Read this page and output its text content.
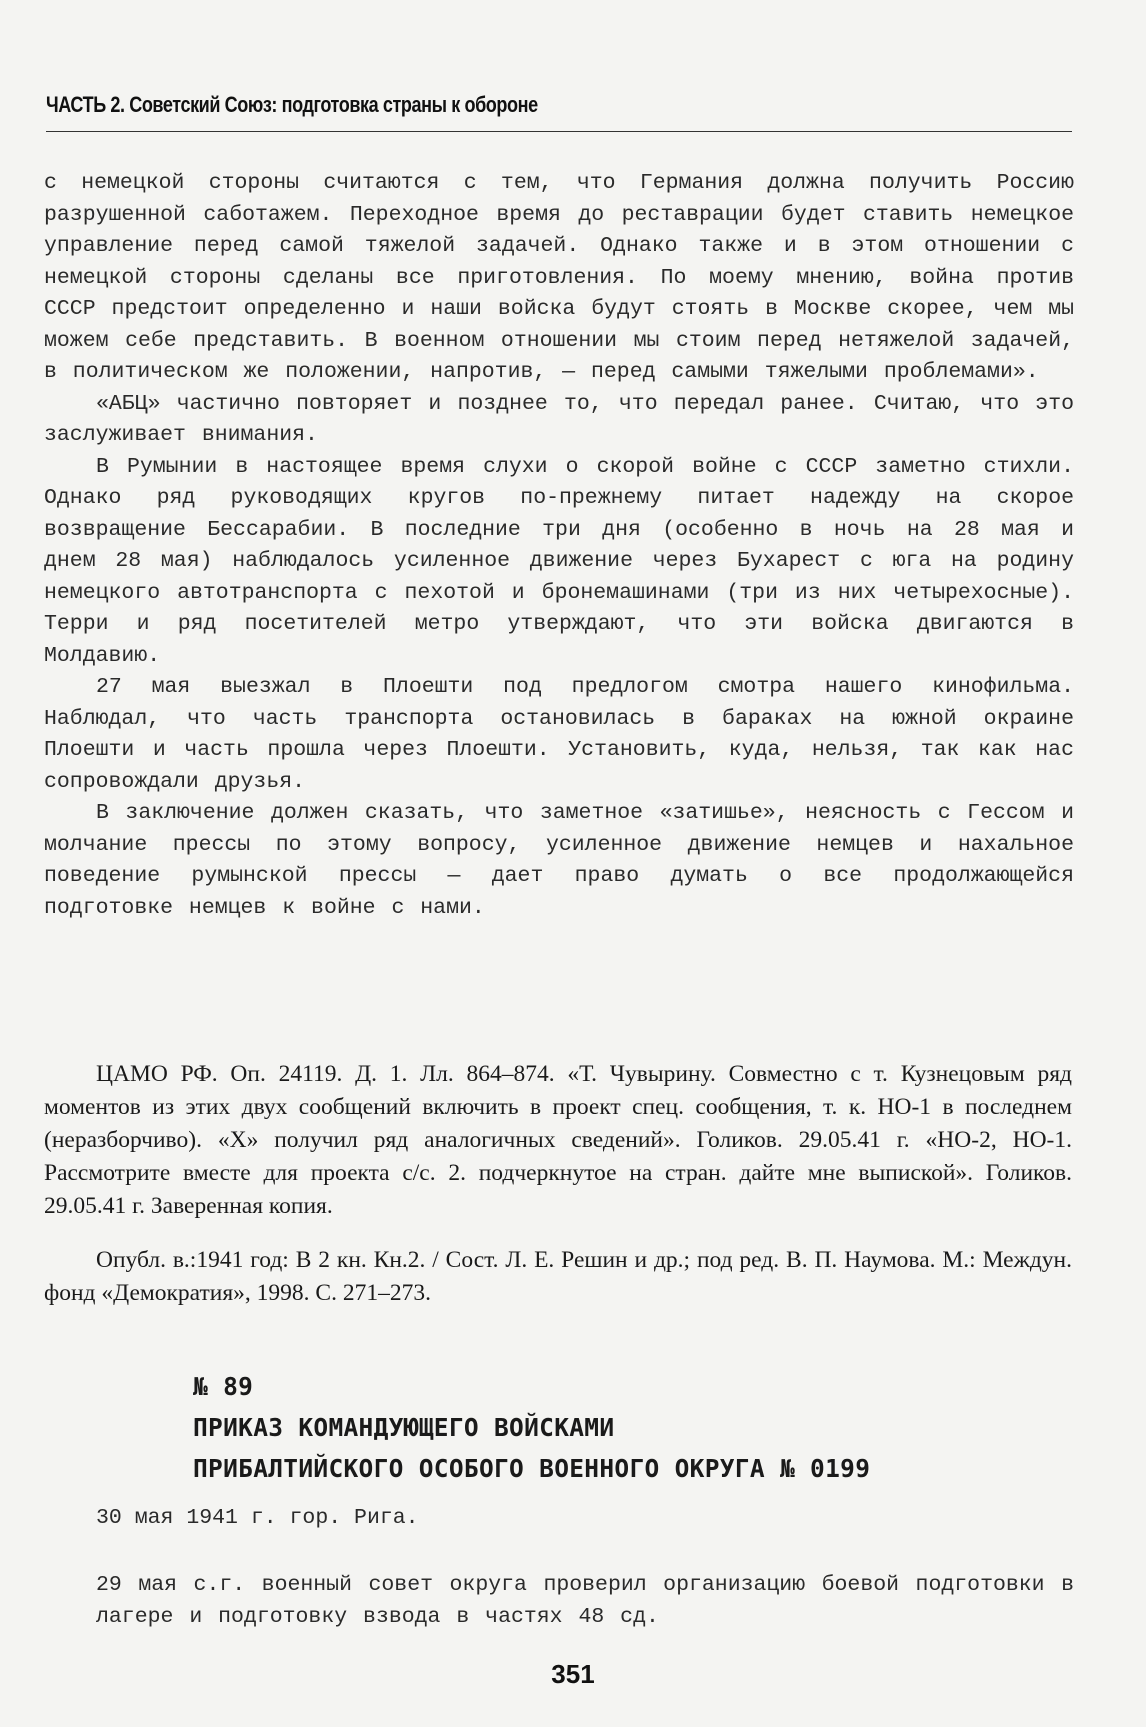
ЧАСТЬ 2. Советский Союз: подготовка страны к обороне

с немецкой стороны считаются с тем, что Германия должна получить Россию разрушенной саботажем. Переходное время до реставрации будет ставить немецкое управление перед самой тяжелой задачей. Однако также и в этом отношении с немецкой стороны сделаны все приготовления. По моему мнению, война против СССР предстоит определенно и наши войска будут стоять в Москве скорее, чем мы можем себе представить. В военном отношении мы стоим перед нетяжелой задачей, в политическом же положении, напротив, — перед самыми тяжелыми проблемами».

«АБЦ» частично повторяет и позднее то, что передал ранее. Считаю, что это заслуживает внимания.

В Румынии в настоящее время слухи о скорой войне с СССР заметно стихли. Однако ряд руководящих кругов по-прежнему питает надежду на скорое возвращение Бессарабии. В последние три дня (особенно в ночь на 28 мая и днем 28 мая) наблюдалось усиленное движение через Бухарест с юга на родину немецкого автотранспорта с пехотой и бронемашинами (три из них четырехосные). Терри и ряд посетителей метро утверждают, что эти войска двигаются в Молдавию.

27 мая выезжал в Плоешти под предлогом смотра нашего кинофильма. Наблюдал, что часть транспорта остановилась в бараках на южной окраине Плоешти и часть прошла через Плоешти. Установить, куда, нельзя, так как нас сопровождали друзья.

В заключение должен сказать, что заметное «затишье», неясность с Гессом и молчание прессы по этому вопросу, усиленное движение немцев и нахальное поведение румынской прессы — дает право думать о все продолжающейся подготовке немцев к войне с нами.

ЦАМО РФ. Оп. 24119. Д. 1. Лл. 864–874. «Т. Чувырину. Совместно с т. Кузнецовым ряд моментов из этих двух сообщений включить в проект спец. сообщения, т. к. НО-1 в последнем (неразборчиво). «Х» получил ряд аналогичных сведений». Голиков. 29.05.41 г. «НО-2, НО-1. Рассмотрите вместе для проекта с/с. 2. подчеркнутое на стран. дайте мне выпиской». Голиков. 29.05.41 г. Заверенная копия.

Опубл. в.:1941 год: В 2 кн. Кн.2. / Сост. Л. Е. Решин и др.; под ред. В. П. Наумова. М.: Междун. фонд «Демократия», 1998. С. 271–273.

№ 89
ПРИКАЗ КОМАНДУЮЩЕГО ВОЙСКАМИ
ПРИБАЛТИЙСКОГО ОСОБОГО ВОЕННОГО ОКРУГА № 0199
30 мая 1941 г. гор. Рига.

29 мая с.г. военный совет округа проверил организацию боевой подготовки в лагере и подготовку взвода в частях 48 сд.

351
